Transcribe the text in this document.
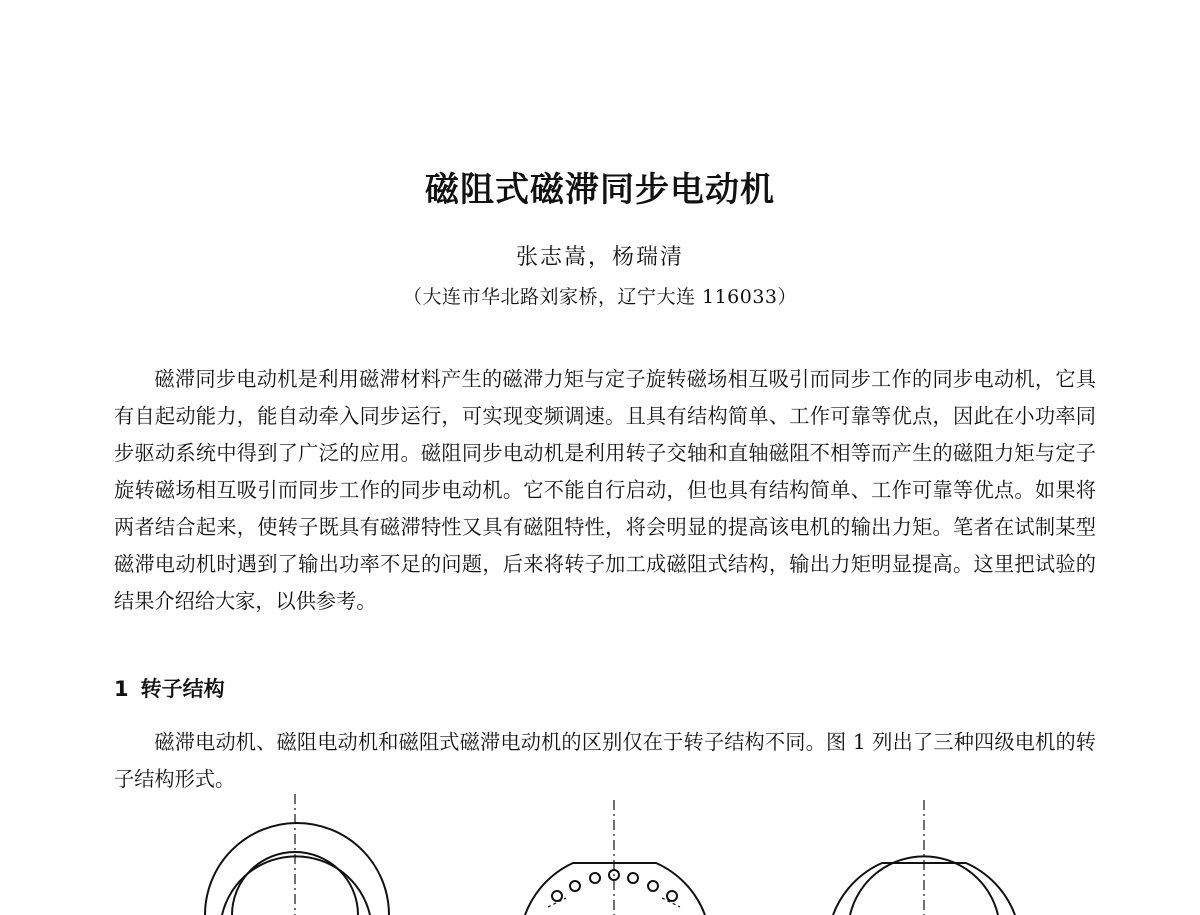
磁阻式磁滞同步电动机
张志嵩，杨瑞清
（大连市华北路刘家桥，辽宁大连 116033）

磁滞同步电动机是利用磁滞材料产生的磁滞力矩与定子旋转磁场相互吸引而同步工作的同步电动机，它具有自起动能力，能自动牵入同步运行，可实现变频调速。且具有结构简单、工作可靠等优点，因此在小功率同步驱动系统中得到了广泛的应用。磁阻同步电动机是利用转子交轴和直轴磁阻不相等而产生的磁阻力矩与定子旋转磁场相互吸引而同步工作的同步电动机。它不能自行启动，但也具有结构简单、工作可靠等优点。如果将两者结合起来，使转子既具有磁滞特性又具有磁阻特性，将会明显的提高该电机的输出力矩。笔者在试制某型磁滞电动机时遇到了输出功率不足的问题，后来将转子加工成磁阻式结构，输出力矩明显提高。这里把试验的结果介绍给大家，以供参考。

1 转子结构

磁滞电动机、磁阻电动机和磁阻式磁滞电动机的区别仅在于转子结构不同。图 1 列出了三种四级电机的转子结构形式。
